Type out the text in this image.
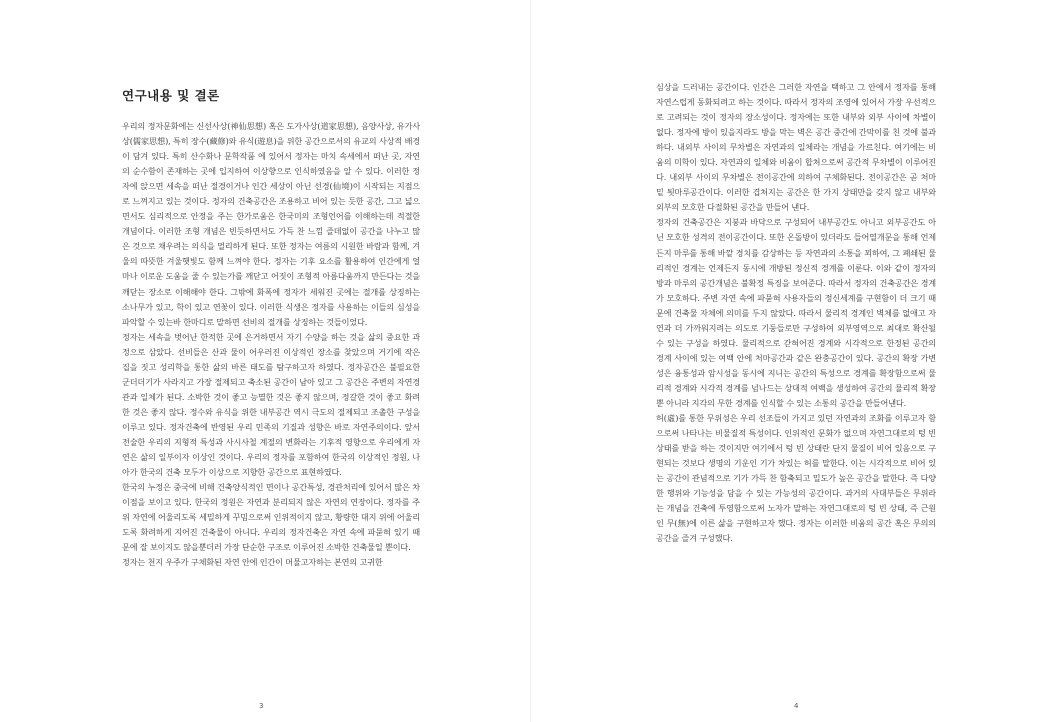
연구내용 및 결론

우리의 정자문화에는 신선사상(神仙思想) 혹은 도가사상(道家思想), 음양사상, 유가사상(儒家思想), 특히 장수(藏修)와 유식(遊息)을 위한 공간으로서의 유교의 사상적 배경이 담겨 있다. 특히 산수화나 문학작품 에 있어서 정자는 마치 속세에서 떠난 곳, 자연의 순수함이 존재하는 곳에 입지하여 이상향으로 인식하였음을 알 수 있다. 이러한 정자에 앉으면 세속을 떠난 절경이거나 인간 세상이 아닌 선경(仙境)이 시작되는 지점으로 느껴지고 있는 것이다. 정자의 건축공간은 조용하고 비어 있는 듯한 공간, 그고 넓으면서도 심리적으로 안정을 주는 한가로움은 한국미의 조형언어를 이해하는데 적절한 개념이다. 이러한 조형 개념은 빈듯하면서도 가득 찬 느낌 즐데없이 공간을 나누고 많은 것으로 채우려는 의식을 멀리하게 된다. 또한 정자는 여름의 시원한 바람과 함께, 겨울의 따뜻한 겨울햇빛도 함께 느껴야 한다. 정자는 기후 요소를 활용하여 인간에게 얼마나 이로운 도움을 줄 수 있는가를 깨닫고 어짓이 조형적 아름다움까지 만든다는 것을 깨닫는 장소로 이해해야 한다. 그밖에 화폭에 정자가 세워진 곳에는 절개를 상징하는 소나무가 있고, 학이 있고 연꽃이 있다. 이러한 식생은 정자를 사용하는 이들의 심성을 파악할 수 있는바 한마디로 말하면 선비의 절개를 상징하는 것들이었다.

정자는 세속을 벗어난 한적한 곳에 은거하면서 자기 수양을 하는 것을 삶의 중요한 과정으로 삼았다. 선비들은 산과 물이 어우러진 이상적인 장소를 찾았으며 거기에 작은 집을 짓고 성리학을 통한 삶의 바른 태도를 탐구하고자 하였다. 정자공간은 불필요한 군더더기가 사라지고 가장 절제되고 축소된 공간이 남아 있고 그 공간은 주변의 자연경관과 일체가 된다. 소박한 것이 좋고 능멸한 것은 좋지 않으며, 정갈한 것이 좋고 화려한 것은 좋지 않다. 정수와 유식을 위한 내부공간 역시 극도의 절제되고 조촐한 구성을 이루고 있다. 정자건축에 반영된 우리 민족의 기질과 성향은 바로 자연주의이다. 앞서 전술한 우리의 지형적 특성과 사시사철 계절의 변화라는 기후적 영향으로 우리에게 자연은 삶의 일부이자 이상인 것이다. 우리의 정자를 포함하여 한국의 이상적인 정원, 나아가 한국의 건축 모두가 이상으로 지향한 공간으로 표현하였다.

한국의 누정은 중국에 비해 건축양식적인 면이나 공간특성, 경관처리에 있어서 많은 차이점을 보이고 있다. 한국의 정원은 자연과 분리되지 않은 자연의 연장이다. 정자를 주위 자연에 어울리도록 세밀하게 꾸밈으로써 인위적이지 않고, 황량한 대지 위에 어울리도록 화려하게 지어진 건축물이 아니다. 우리의 정자건축은 자연 속에 파묻혀 있기 때문에 잘 보이지도 않을뿐더러 가장 단순한 구조로 이루어진 소박한 건축물일 뿐이다.

정자는 천지 우주가 구체화된 자연 안에 인간이 머물고자하는 본연의 고귀한

3

심상을 드러내는 공간이다. 인간은 그러한 자연을 택하고 그 안에서 정자를 통해 자연스럽게 동화되려고 하는 것이다. 따라서 정자의 조영에 있어서 가장 우선적으로 고려되는 것이 정자의 장소성이다. 정자에는 또한 내부와 외부 사이에 차별이 없다. 정자에 방이 있을지라도 방을 막는 벽은 공간 중간에 간막이를 친 것에 불과하다. 내외부 사이의 무차별은 자연과의 일체라는 개념을 가르친다. 여기에는 비움의 미학이 있다. 자연과의 일체와 비움이 합쳐으로써 공간적 무차별이 이루어진다. 내외부 사이의 무차별은 전이공간에 의하여 구체화된다. 전이공간은 곧 처마 밑 툇마루공간이다. 이러한 겹쳐지는 공간은 한 가지 상태만을 갖지 않고 내부와 외부의 모호한 다절화된 공간을 만들어 낸다.

정자의 건축공간은 지붕과 바닥으로 구성되어 내부공간도 아니고 외부공간도 아닌 모호한 성격의 전이공간이다. 또한 온돌방이 있더라도 들어열개문을 통해 언제든지 마루를 통해 바깥 경치를 감상하는 등 자연과의 소통을 꾀하여, 그 폐쇄된 물리적인 경계는 언제든지 동시에 개방된 정신적 경계를 이룬다. 이와 같이 정자의 방과 마루의 공간개념은 불확정 특징을 보여준다. 따라서 정자의 건축공간은 경계가 모호하다. 주변 자연 속에 파묻혀 사용자들의 정신세계를 구현함이 더 크기 때문에 건축물 자체에 의미를 두지 않았다. 따라서 물리적 경계인 벽체를 없애고 자연과 더 가까워지려는 의도로 기둥들로만 구성하여 외부영역으로 최대로 확산될 수 있는 구성을 하였다. 물리적으로 갇혀어진 경계와 시각적으로 한정된 공간의 경계 사이에 있는 여백 안에 처마공간과 같은 완충공간이 있다. 공간의 확장 가변성은 융통성과 암시성을 동시에 지니는 공간의 특성으로 경계를 확장함으로써 물리적 경계와 시각적 경계를 넘나드는 상대적 여백을 생성하여 공간의 물리적 확장뿐 아니라 지각의 무한 경계를 인식할 수 있는 소통의 공간을 만들어낸다.

허(虛)를 통한 무위성은 우리 선조들이 가지고 있던 자연과의 조화를 이루고자 함으로써 나타나는 비물질적 특성이다. 인위적인 문화가 없으며 자연그대로의 텅 빈 상태를 받을 하는 것이지만 여기에서 텅 빈 상태란 단지 물질이 비어 있음으로 구현되는 것보다 생명의 기운인 기가 차있는 허를 말한다. 이는 시각적으로 비어 있는 공간이 관념적으로 기가 가득 찬 함축되고 밀도가 높은 공간을 말한다. 즉 다양한 행위와 기능성을 담을 수 있는 가능성의 공간이다. 과거의 사대부들은 무위라는 개념을 건축에 투영함으로써 노자가 말하는 자연그대로의 텅 빈 상태, 즉 근원인 무(無)에 이른 삶을 구현하고자 했다. 정자는 이러한 비움의 공간 혹은 무의의 공간을 즐겨 구성했다.

4
